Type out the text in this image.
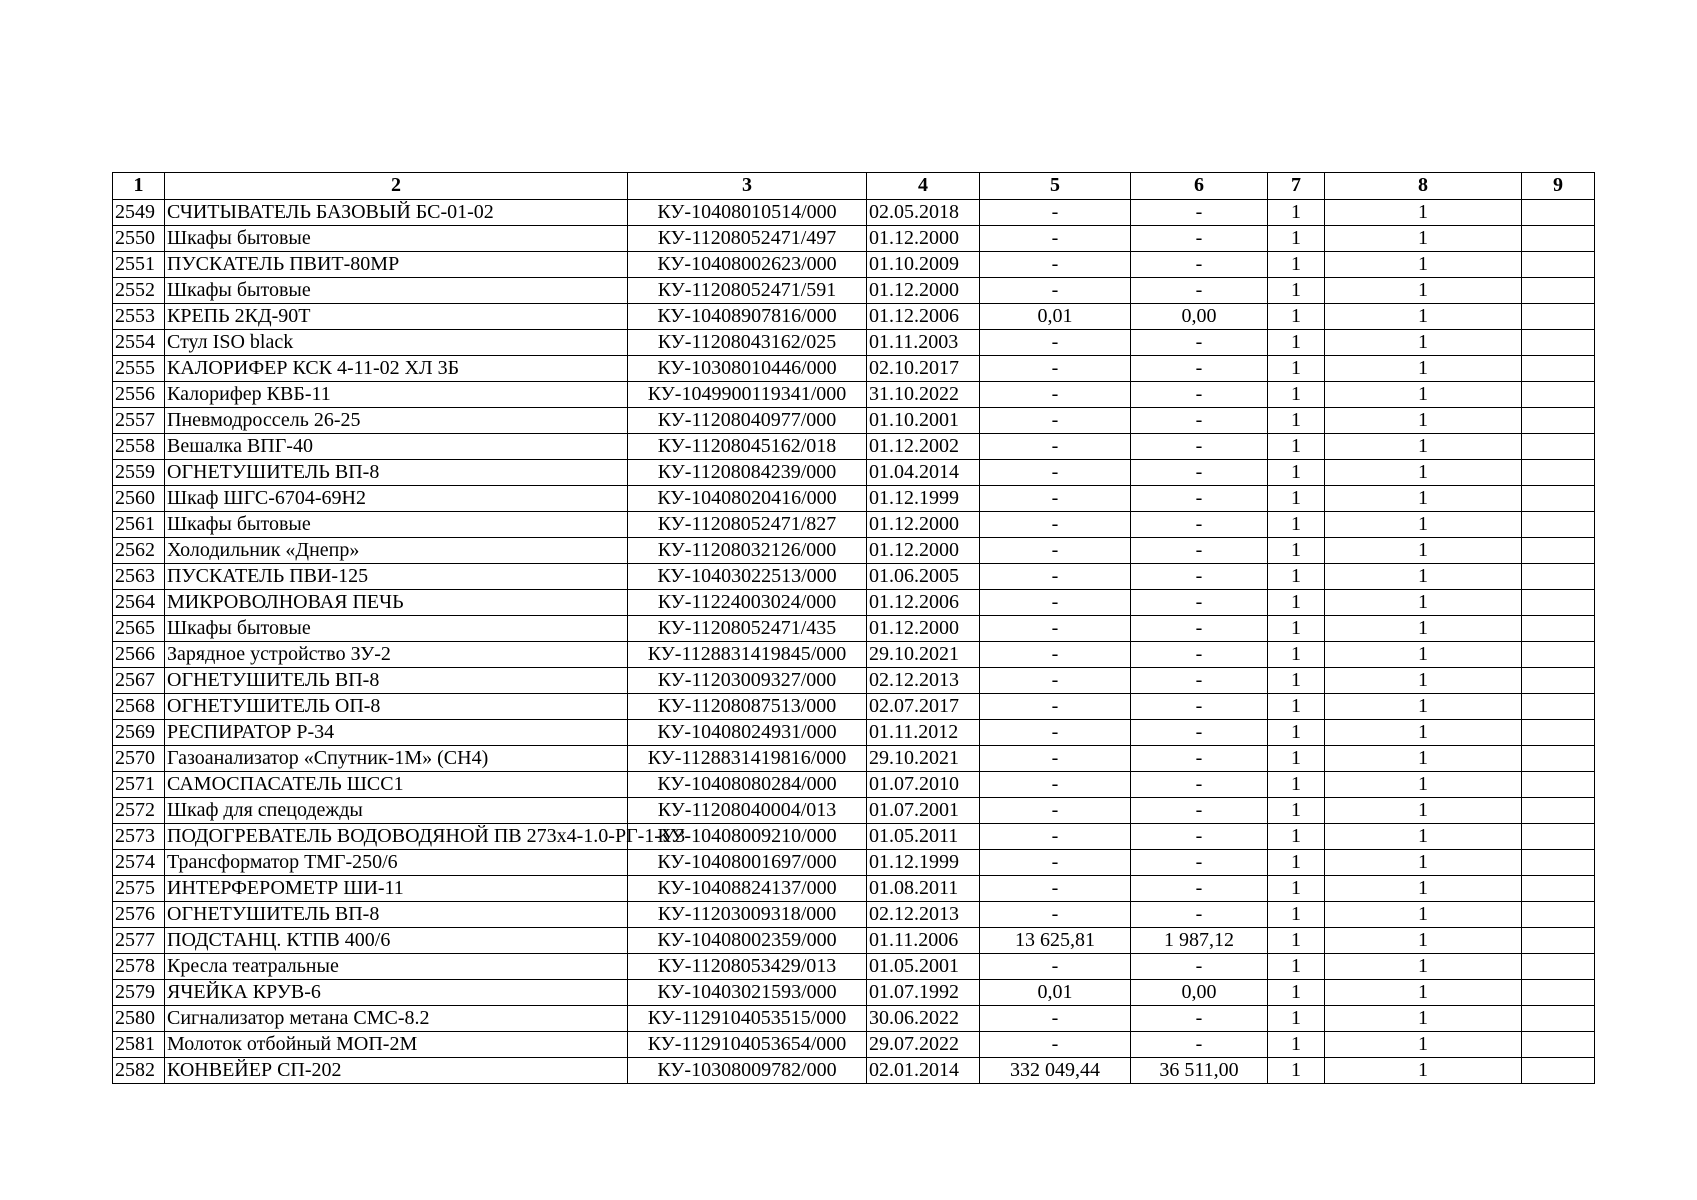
1	2	3	4	5	6	7	8	9
2549	СЧИТЫВАТЕЛЬ БАЗОВЫЙ БС-01-02	КУ-10408010514/000	02.05.2018	-	-	1	1	
2550	Шкафы бытовые	КУ-11208052471/497	01.12.2000	-	-	1	1	
2551	ПУСКАТЕЛЬ ПВИТ-80МР	КУ-10408002623/000	01.10.2009	-	-	1	1	
2552	Шкафы бытовые	КУ-11208052471/591	01.12.2000	-	-	1	1	
2553	КРЕПЬ 2КД-90Т	КУ-10408907816/000	01.12.2006	0,01	0,00	1	1	
2554	Стул ISO black	КУ-11208043162/025	01.11.2003	-	-	1	1	
2555	КАЛОРИФЕР КСК 4-11-02 ХЛ 3Б	КУ-10308010446/000	02.10.2017	-	-	1	1	
2556	Калорифер КВБ-11	КУ-1049900119341/000	31.10.2022	-	-	1	1	
2557	Пневмодроссель 26-25	КУ-11208040977/000	01.10.2001	-	-	1	1	
2558	Вешалка ВПГ-40	КУ-11208045162/018	01.12.2002	-	-	1	1	
2559	ОГНЕТУШИТЕЛЬ ВП-8	КУ-11208084239/000	01.04.2014	-	-	1	1	
2560	Шкаф ШГС-6704-69Н2	КУ-10408020416/000	01.12.1999	-	-	1	1	
2561	Шкафы бытовые	КУ-11208052471/827	01.12.2000	-	-	1	1	
2562	Холодильник «Днепр»	КУ-11208032126/000	01.12.2000	-	-	1	1	
2563	ПУСКАТЕЛЬ ПВИ-125	КУ-10403022513/000	01.06.2005	-	-	1	1	
2564	МИКРОВОЛНОВАЯ ПЕЧЬ	КУ-11224003024/000	01.12.2006	-	-	1	1	
2565	Шкафы бытовые	КУ-11208052471/435	01.12.2000	-	-	1	1	
2566	Зарядное устройство ЗУ-2	КУ-1128831419845/000	29.10.2021	-	-	1	1	
2567	ОГНЕТУШИТЕЛЬ ВП-8	КУ-11203009327/000	02.12.2013	-	-	1	1	
2568	ОГНЕТУШИТЕЛЬ ОП-8	КУ-11208087513/000	02.07.2017	-	-	1	1	
2569	РЕСПИРАТОР Р-34	КУ-10408024931/000	01.11.2012	-	-	1	1	
2570	Газоанализатор «Спутник-1М» (СН4)	КУ-1128831419816/000	29.10.2021	-	-	1	1	
2571	САМОСПАСАТЕЛЬ ШСС1	КУ-10408080284/000	01.07.2010	-	-	1	1	
2572	Шкаф для спецодежды	КУ-11208040004/013	01.07.2001	-	-	1	1	
2573	ПОДОГРЕВАТЕЛЬ ВОДОВОДЯНОЙ ПВ 273х4-1.0-РГ-1-У3	КУ-10408009210/000	01.05.2011	-	-	1	1	
2574	Трансформатор ТМГ-250/6	КУ-10408001697/000	01.12.1999	-	-	1	1	
2575	ИНТЕРФЕРОМЕТР ШИ-11	КУ-10408824137/000	01.08.2011	-	-	1	1	
2576	ОГНЕТУШИТЕЛЬ ВП-8	КУ-11203009318/000	02.12.2013	-	-	1	1	
2577	ПОДСТАНЦ. КТПВ 400/6	КУ-10408002359/000	01.11.2006	13 625,81	1 987,12	1	1	
2578	Кресла театральные	КУ-11208053429/013	01.05.2001	-	-	1	1	
2579	ЯЧЕЙКА КРУВ-6	КУ-10403021593/000	01.07.1992	0,01	0,00	1	1	
2580	Сигнализатор метана СМС-8.2	КУ-1129104053515/000	30.06.2022	-	-	1	1	
2581	Молоток отбойный МОП-2М	КУ-1129104053654/000	29.07.2022	-	-	1	1	
2582	КОНВЕЙЕР СП-202	КУ-10308009782/000	02.01.2014	332 049,44	36 511,00	1	1	
